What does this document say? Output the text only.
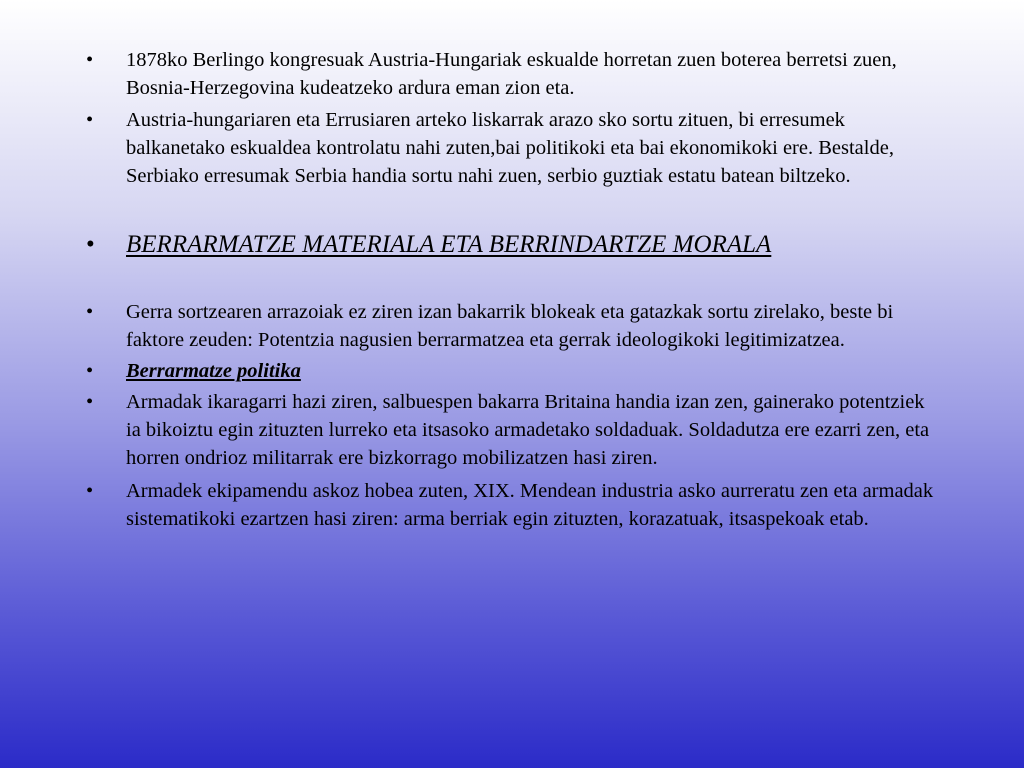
• 1878ko Berlingo kongresuak Austria-Hungariak eskualde horretan zuen boterea berretsi zuen, Bosnia-Herzegovina kudeatzeko ardura eman zion eta.
• Austria-hungariaren eta Errusiaren arteko liskarrak arazo sko sortu zituen, bi erresumek balkanetako eskualdea kontrolatu nahi zuten,bai politikoki eta bai ekonomikoki ere. Bestalde, Serbiako erresumak Serbia handia sortu nahi zuen, serbio guztiak estatu batean biltzeko.
• BERRARMATZE MATERIALA ETA BERRINDARTZE MORALA
• Gerra sortzearen arrazoiak ez ziren izan bakarrik blokeak eta gatazkak sortu zirelako, beste bi faktore zeuden: Potentzia nagusien berrarmatzea eta gerrak ideologikoki legitimizatzea.
• Berrarmatze politika
• Armadak ikaragarri hazi ziren, salbuespen bakarra Britaina handia izan zen, gainerako potentziek ia bikoiztu egin zituzten lurreko eta itsasoko armadetako soldaduak. Soldadutza ere ezarri zen, eta horren ondrioz militarrak ere bizkorrago mobilizatzen hasi ziren.
• Armadek ekipamendu askoz hobea zuten, XIX. Mendean industria asko aurreratu zen eta armadak sistematikoki ezartzen hasi ziren: arma berriak egin zituzten, korazatuak, itsaspekoak etab.
